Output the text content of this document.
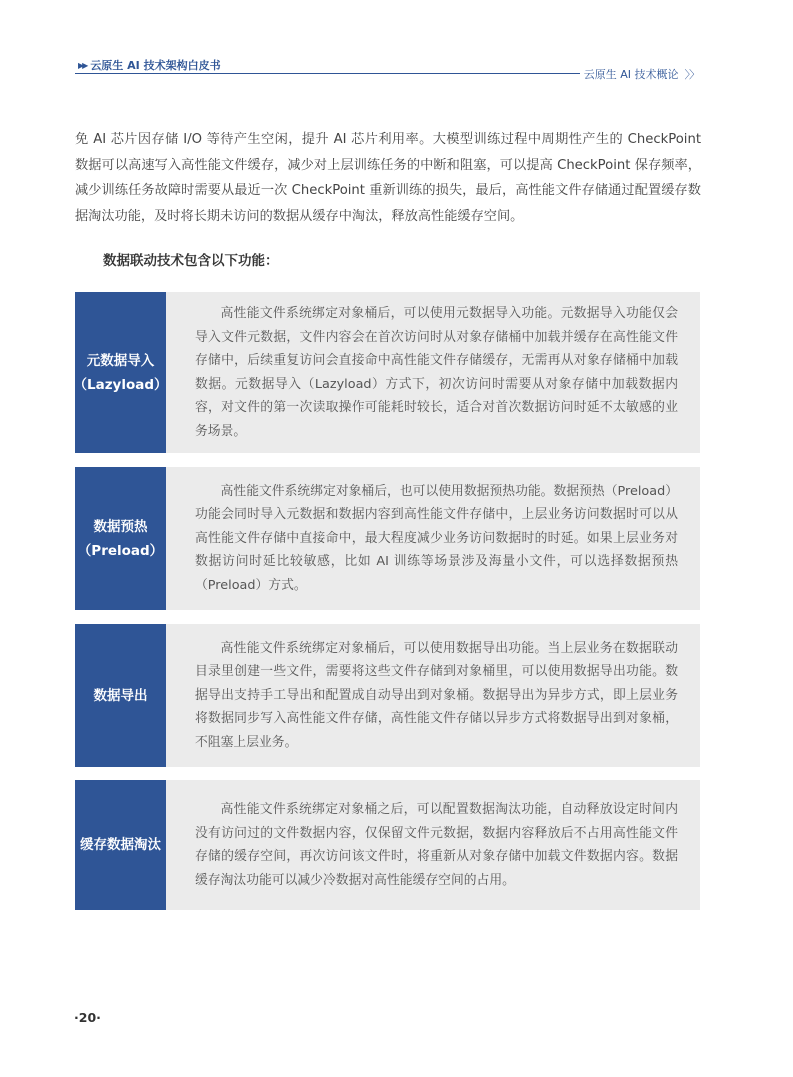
▶▶ 云原生 AI 技术架构白皮书
云原生 AI 技术概论 〉〉

免 AI 芯片因存储 I/O 等待产生空闲，提升 AI 芯片利用率。大模型训练过程中周期性产生的 CheckPoint 数据可以高速写入高性能文件缓存，减少对上层训练任务的中断和阻塞，可以提高 CheckPoint 保存频率，减少训练任务故障时需要从最近一次 CheckPoint 重新训练的损失，最后，高性能文件存储通过配置缓存数据淘汰功能，及时将长期未访问的数据从缓存中淘汰，释放高性能缓存空间。

数据联动技术包含以下功能：
元数据导入
（Lazyload）

高性能文件系统绑定对象桶后，可以使用元数据导入功能。元数据导入功能仅会导入文件元数据，文件内容会在首次访问时从对象存储桶中加载并缓存在高性能文件存储中，后续重复访问会直接命中高性能文件存储缓存，无需再从对象存储桶中加载数据。元数据导入（Lazyload）方式下，初次访问时需要从对象存储中加载数据内容，对文件的第一次读取操作可能耗时较长，适合对首次数据访问时延不太敏感的业务场景。

数据预热
（Preload）

高性能文件系统绑定对象桶后，也可以使用数据预热功能。数据预热（Preload）功能会同时导入元数据和数据内容到高性能文件存储中，上层业务访问数据时可以从高性能文件存储中直接命中，最大程度减少业务访问数据时的时延。如果上层业务对数据访问时延比较敏感，比如 AI 训练等场景涉及海量小文件，可以选择数据预热（Preload）方式。

数据导出

高性能文件系统绑定对象桶后，可以使用数据导出功能。当上层业务在数据联动目录里创建一些文件，需要将这些文件存储到对象桶里，可以使用数据导出功能。数据导出支持手工导出和配置成自动导出到对象桶。数据导出为异步方式，即上层业务将数据同步写入高性能文件存储，高性能文件存储以异步方式将数据导出到对象桶，不阻塞上层业务。

缓存数据淘汰

高性能文件系统绑定对象桶之后，可以配置数据淘汰功能，自动释放设定时间内没有访问过的文件数据内容，仅保留文件元数据，数据内容释放后不占用高性能文件存储的缓存空间，再次访问该文件时，将重新从对象存储中加载文件数据内容。数据缓存淘汰功能可以减少冷数据对高性能缓存空间的占用。

·20·
